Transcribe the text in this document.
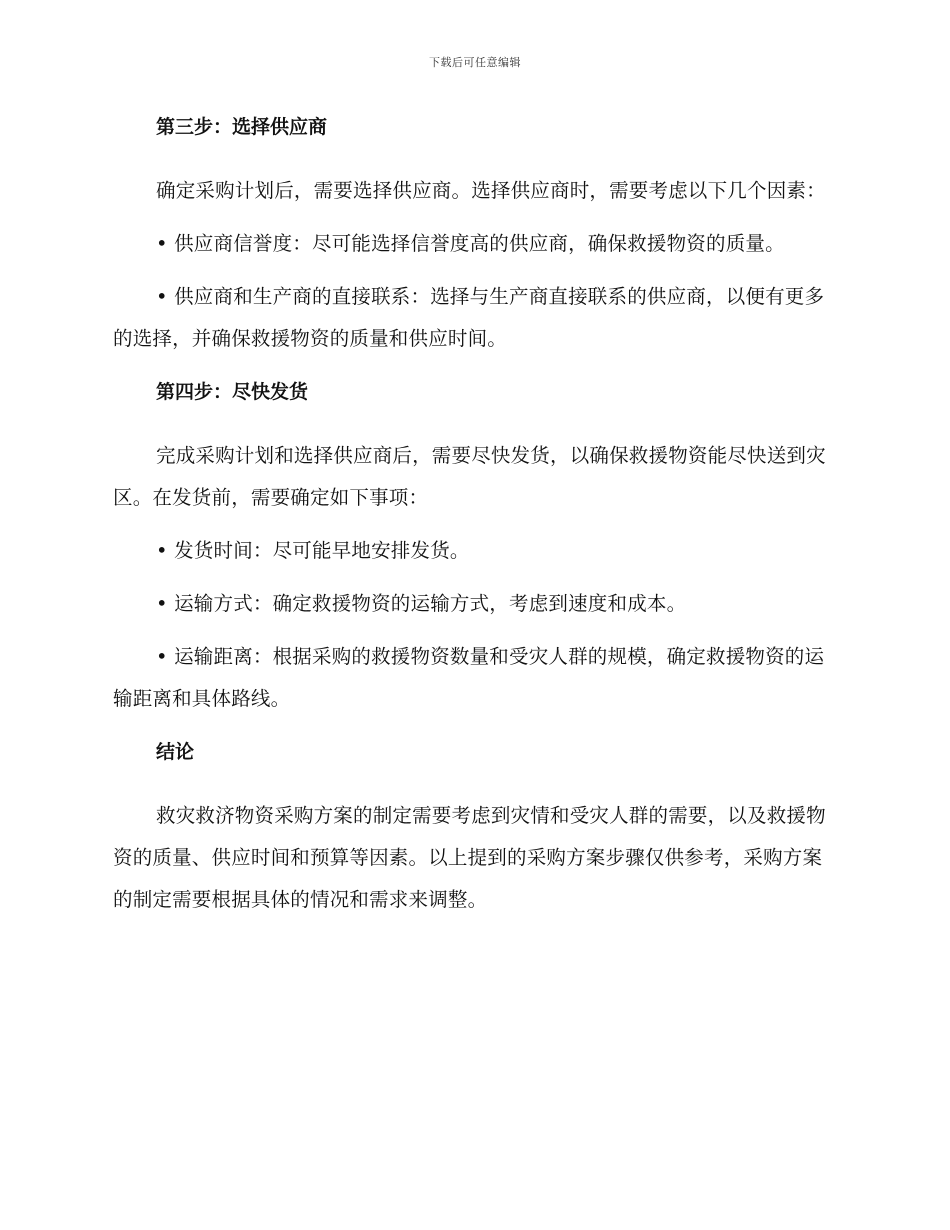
下载后可任意编辑
第三步：选择供应商

确定采购计划后，需要选择供应商。选择供应商时，需要考虑以下几个因素：

• 供应商信誉度：尽可能选择信誉度高的供应商，确保救援物资的质量。

• 供应商和生产商的直接联系：选择与生产商直接联系的供应商，以便有更多的选择，并确保救援物资的质量和供应时间。

第四步：尽快发货

完成采购计划和选择供应商后，需要尽快发货，以确保救援物资能尽快送到灾区。在发货前，需要确定如下事项：

• 发货时间：尽可能早地安排发货。

• 运输方式：确定救援物资的运输方式，考虑到速度和成本。

• 运输距离：根据采购的救援物资数量和受灾人群的规模，确定救援物资的运输距离和具体路线。

结论

救灾救济物资采购方案的制定需要考虑到灾情和受灾人群的需要，以及救援物资的质量、供应时间和预算等因素。以上提到的采购方案步骤仅供参考，采购方案的制定需要根据具体的情况和需求来调整。
